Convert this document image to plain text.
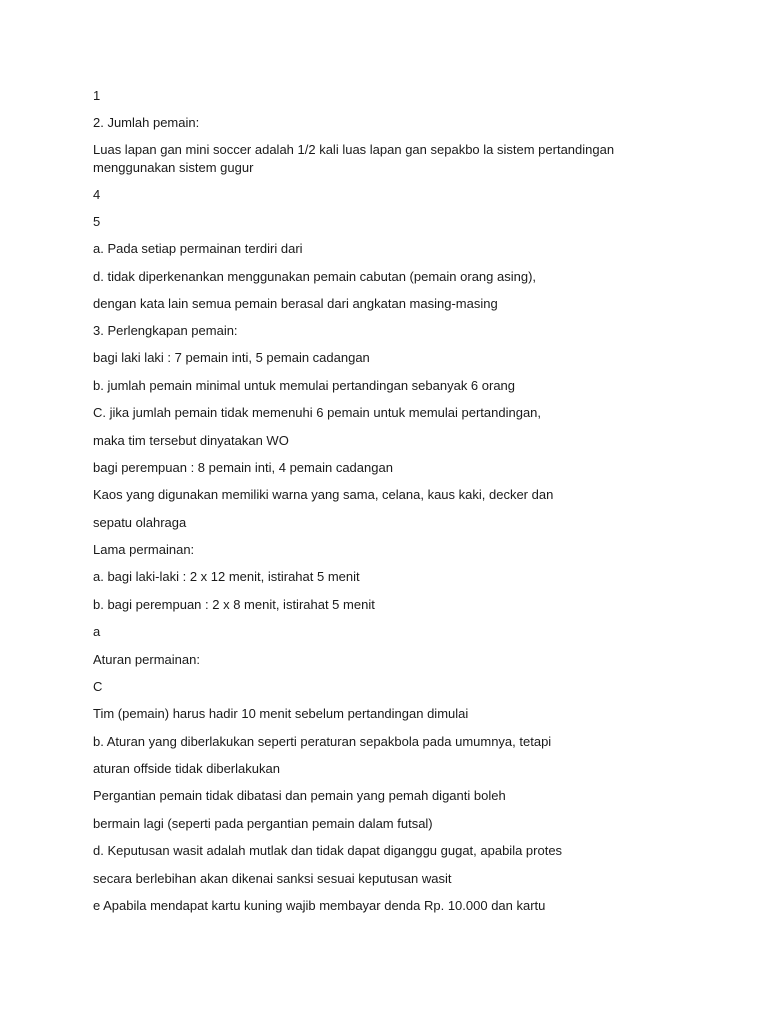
1

2. Jumlah pemain:

Luas lapan gan mini soccer adalah 1/2 kali luas lapan gan sepakbo la sistem pertandingan menggunakan sistem gugur

4

5

a. Pada setiap permainan terdiri dari

d. tidak diperkenankan menggunakan pemain cabutan (pemain orang asing),

dengan kata lain semua pemain berasal dari angkatan masing-masing

3. Perlengkapan pemain:

bagi laki laki : 7 pemain inti, 5 pemain cadangan

b. jumlah pemain minimal untuk memulai pertandingan sebanyak 6 orang

C. jika jumlah pemain tidak memenuhi 6 pemain untuk memulai pertandingan,

maka tim tersebut dinyatakan WO

bagi perempuan : 8 pemain inti, 4 pemain cadangan

Kaos yang digunakan memiliki warna yang sama, celana, kaus kaki, decker dan

sepatu olahraga

Lama permainan:

a. bagi laki-laki : 2 x 12 menit, istirahat 5 menit

b. bagi perempuan : 2 x 8 menit, istirahat 5 menit

a

Aturan permainan:

C

Tim (pemain) harus hadir 10 menit sebelum pertandingan dimulai

b. Aturan yang diberlakukan seperti peraturan sepakbola pada umumnya, tetapi

aturan offside tidak diberlakukan

Pergantian pemain tidak dibatasi dan pemain yang pemah diganti boleh

bermain lagi (seperti pada pergantian pemain dalam futsal)

d. Keputusan wasit adalah mutlak dan tidak dapat diganggu gugat, apabila protes

secara berlebihan akan dikenai sanksi sesuai keputusan wasit

e Apabila mendapat kartu kuning wajib membayar denda Rp. 10.000 dan kartu
